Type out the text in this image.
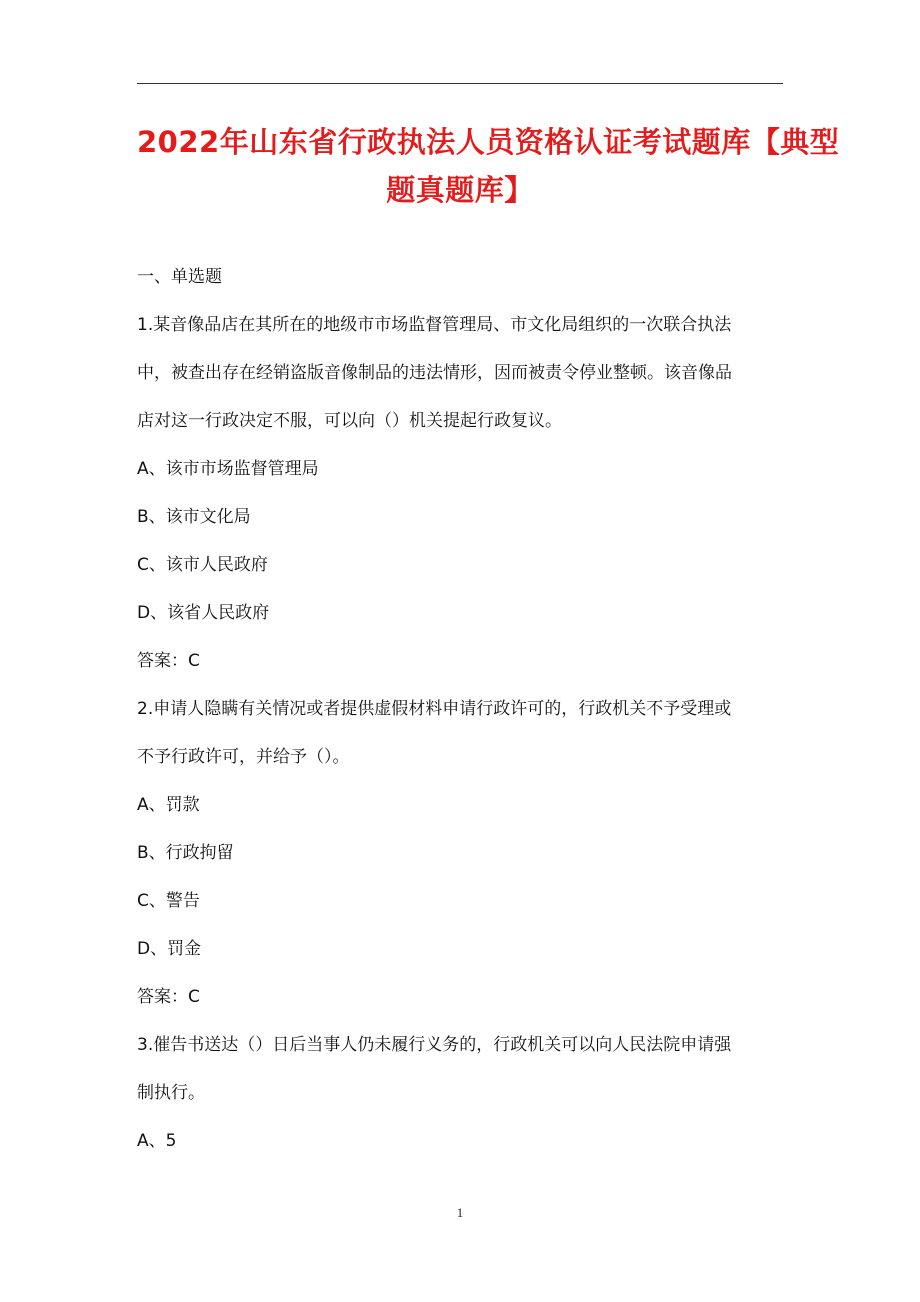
2022年山东省行政执法人员资格认证考试题库【典型
题真题库】
一、单选题
1.某音像品店在其所在的地级市市场监督管理局、市文化局组织的一次联合执法
中，被查出存在经销盗版音像制品的违法情形，因而被责令停业整顿。该音像品
店对这一行政决定不服，可以向（）机关提起行政复议。
A、该市市场监督管理局
B、该市文化局
C、该市人民政府
D、该省人民政府
答案：C
2.申请人隐瞒有关情况或者提供虚假材料申请行政许可的，行政机关不予受理或
不予行政许可，并给予（）。
A、罚款
B、行政拘留
C、警告
D、罚金
答案：C
3.催告书送达（）日后当事人仍未履行义务的，行政机关可以向人民法院申请强
制执行。
A、5
1
